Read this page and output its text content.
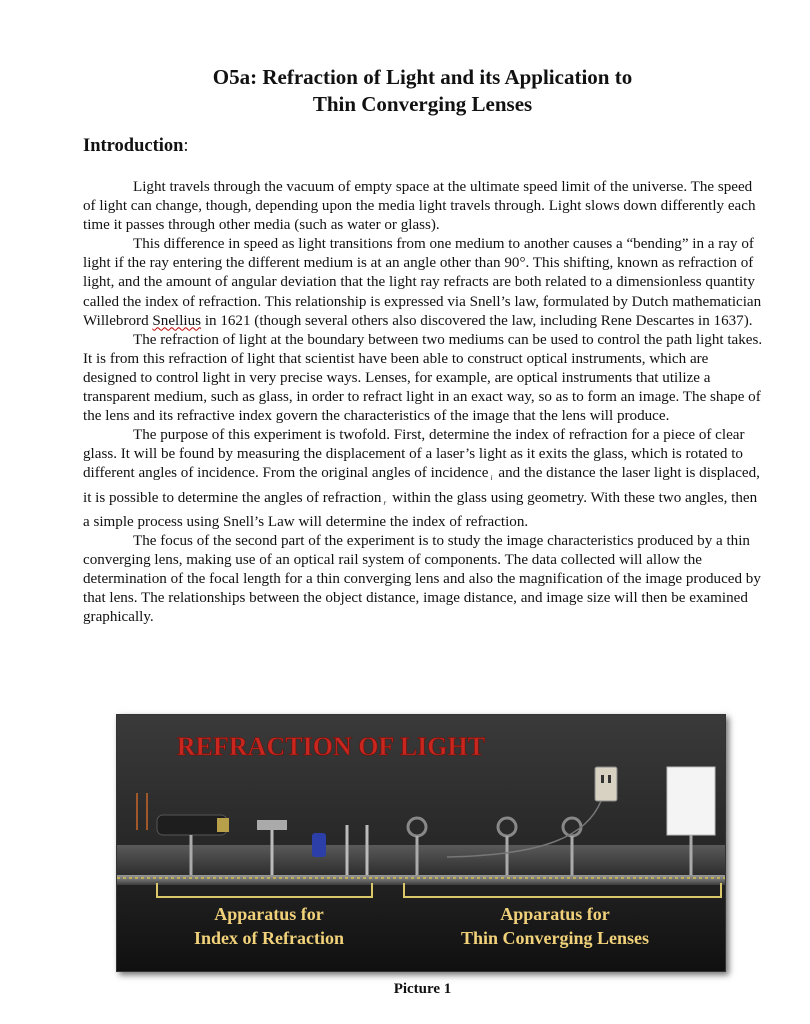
O5a: Refraction of Light and its Application to
Thin Converging Lenses
Introduction:

Light travels through the vacuum of empty space at the ultimate speed limit of the universe. The speed of light can change, though, depending upon the media light travels through. Light slows down differently each time it passes through other media (such as water or glass).

This difference in speed as light transitions from one medium to another causes a “bending” in a ray of light if the ray entering the different medium is at an angle other than 90°. This shifting, known as refraction of light, and the amount of angular deviation that the light ray refracts are both related to a dimensionless quantity called the index of refraction. This relationship is expressed via Snell’s law, formulated by Dutch mathematician Willebrord Snellius in 1621 (though several others also discovered the law, including Rene Descartes in 1637).

The refraction of light at the boundary between two mediums can be used to control the path light takes. It is from this refraction of light that scientist have been able to construct optical instruments, which are designed to control light in very precise ways. Lenses, for example, are optical instruments that utilize a transparent medium, such as glass, in order to refract light in an exact way, so as to form an image. The shape of the lens and its refractive index govern the characteristics of the image that the lens will produce.

The purpose of this experiment is twofold. First, determine the index of refraction for a piece of clear glass. It will be found by measuring the displacement of a laser’s light as it exits the glass, which is rotated to different angles of incidence. From the original angles of incidence i and the distance the laser light is displaced, it is possible to determine the angles of refraction r within the glass using geometry. With these two angles, then a simple process using Snell’s Law will determine the index of refraction.

The focus of the second part of the experiment is to study the image characteristics produced by a thin converging lens, making use of an optical rail system of components. The data collected will allow the determination of the focal length for a thin converging lens and also the magnification of the image produced by that lens. The relationships between the object distance, image distance, and image size will then be examined graphically.

REFRACTION OF LIGHT
Apparatus for
Index of Refraction
Apparatus for
Thin Converging Lenses
Picture 1
